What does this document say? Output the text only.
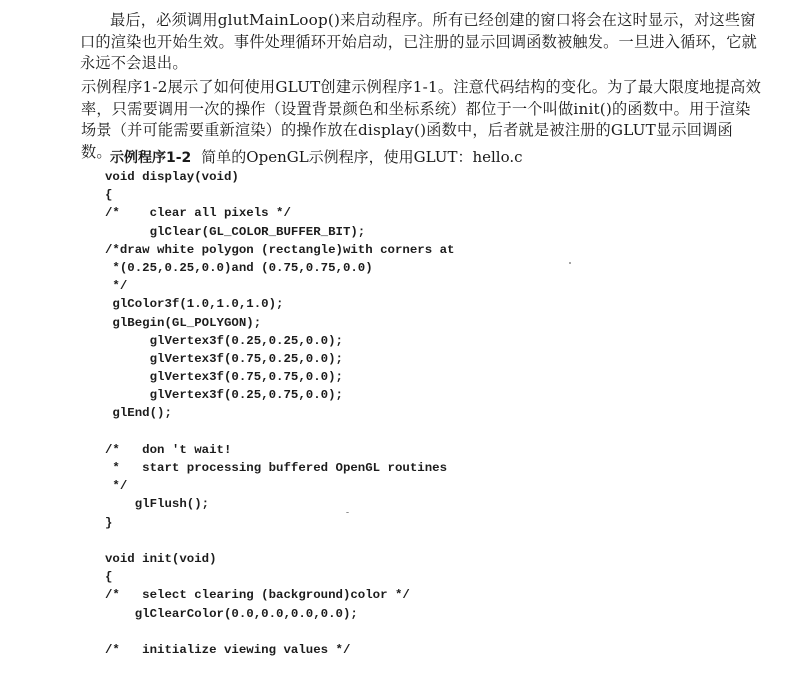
最后，必须调用glutMainLoop()来启动程序。所有已经创建的窗口将会在这时显示，对这些窗口的渲染也开始生效。事件处理循环开始启动，已注册的显示回调函数被触发。一旦进入循环，它就永远不会退出。

示例程序1-2展示了如何使用GLUT创建示例程序1-1。注意代码结构的变化。为了最大限度地提高效率，只需要调用一次的操作（设置背景颜色和坐标系统）都位于一个叫做init()的函数中。用于渲染场景（并可能需要重新渲染）的操作放在display()函数中，后者就是被注册的GLUT显示回调函数。

示例程序1-2 简单的OpenGL示例程序，使用GLUT：hello.c
void display(void)
{
/*    clear all pixels */
glClear(GL_COLOR_BUFFER_BIT);
/*draw white polygon (rectangle)with corners at
*(0.25,0.25,0.0)and (0.75,0.75,0.0)
*/
glColor3f(1.0,1.0,1.0);
glBegin(GL_POLYGON);
glVertex3f(0.25,0.25,0.0);
glVertex3f(0.75,0.25,0.0);
glVertex3f(0.75,0.75,0.0);
glVertex3f(0.25,0.75,0.0);
glEnd();
/*   don 't wait!
*   start processing buffered OpenGL routines
*/
glFlush();
}
void init(void)
{
/*   select clearing (background)color */
glClearColor(0.0,0.0,0.0,0.0);
/*   initialize viewing values */
